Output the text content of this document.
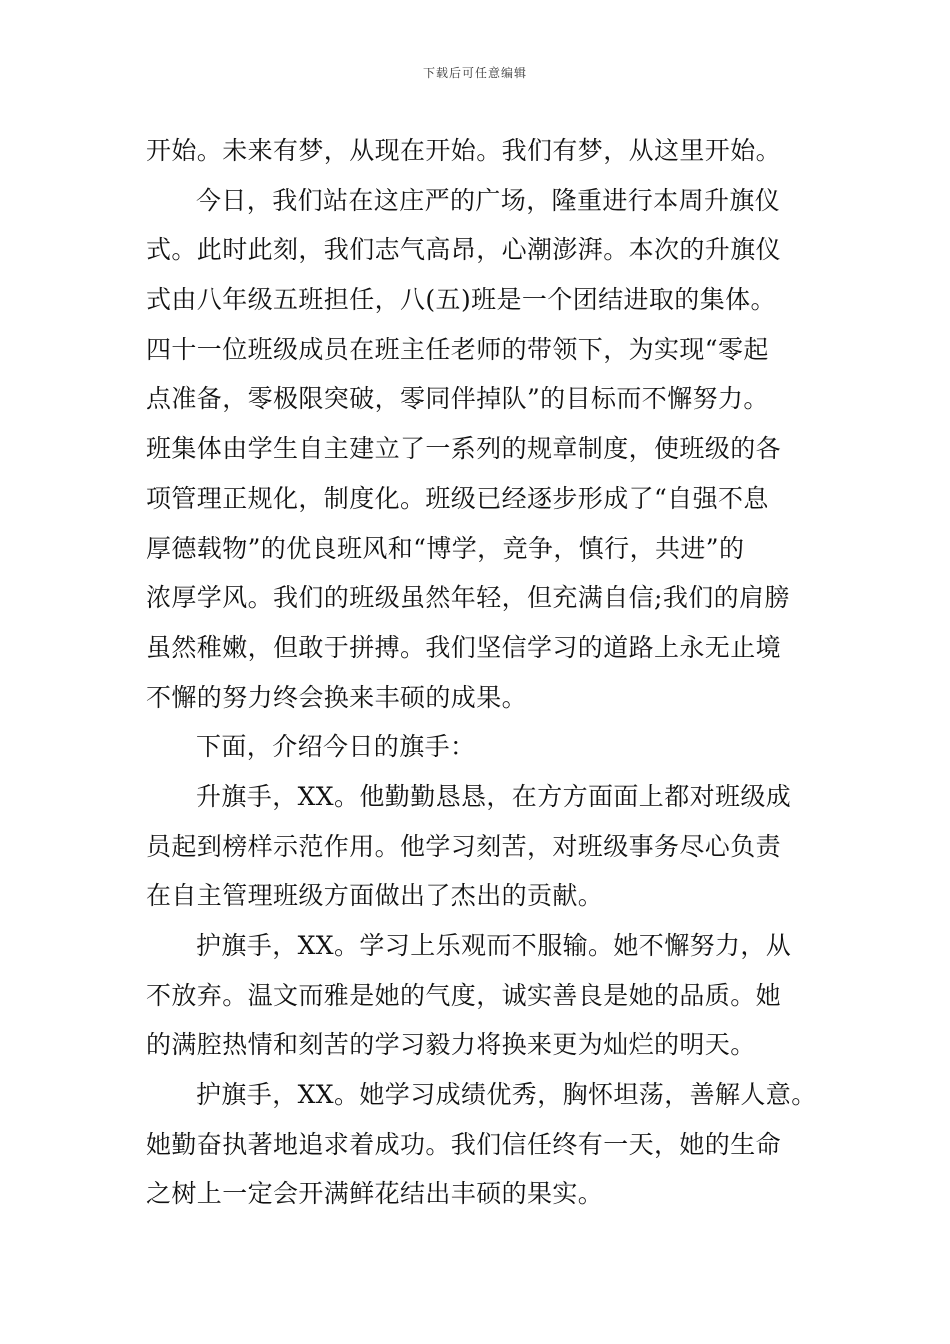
下载后可任意编辑
开始。未来有梦，从现在开始。我们有梦，从这里开始。
今日，我们站在这庄严的广场，隆重进行本周升旗仪
式。此时此刻，我们志气高昂，心潮澎湃。本次的升旗仪
式由八年级五班担任，八(五)班是一个团结进取的集体。
四十一位班级成员在班主任老师的带领下，为实现“零起
点准备，零极限突破，零同伴掉队”的目标而不懈努力。
班集体由学生自主建立了一系列的规章制度，使班级的各
项管理正规化，制度化。班级已经逐步形成了“自强不息
厚德载物”的优良班风和“博学，竞争，慎行，共进”的
浓厚学风。我们的班级虽然年轻，但充满自信;我们的肩膀
虽然稚嫩，但敢于拼搏。我们坚信学习的道路上永无止境
不懈的努力终会换来丰硕的成果。
下面，介绍今日的旗手：
升旗手，XX。他勤勤恳恳，在方方面面上都对班级成
员起到榜样示范作用。他学习刻苦，对班级事务尽心负责
在自主管理班级方面做出了杰出的贡献。
护旗手，XX。学习上乐观而不服输。她不懈努力，从
不放弃。温文而雅是她的气度，诚实善良是她的品质。她
的满腔热情和刻苦的学习毅力将换来更为灿烂的明天。
护旗手，XX。她学习成绩优秀，胸怀坦荡，善解人意。
她勤奋执著地追求着成功。我们信任终有一天，她的生命
之树上一定会开满鲜花结出丰硕的果实。
